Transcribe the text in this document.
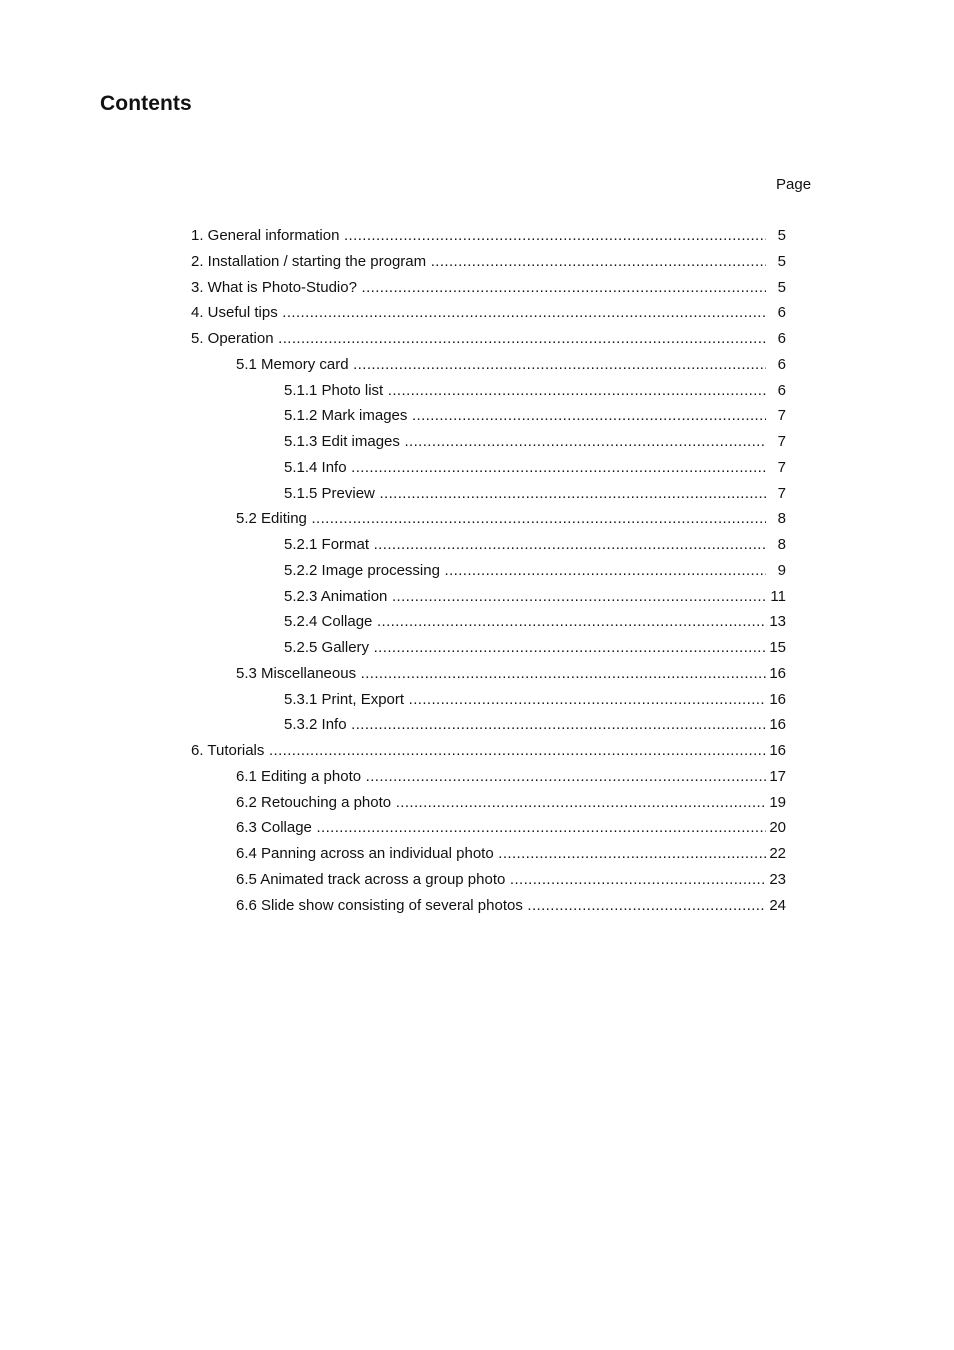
Contents
Page
1. General information .....	5
2. Installation / starting the program .....	5
3. What is Photo-Studio? .....	5
4. Useful tips .....	6
5. Operation .....	6
5.1 Memory card .....	6
5.1.1 Photo list .....	6
5.1.2 Mark images .....	7
5.1.3 Edit images .....	7
5.1.4 Info .....	7
5.1.5 Preview .....	7
5.2 Editing .....	8
5.2.1 Format .....	8
5.2.2 Image processing .....	9
5.2.3 Animation .....	11
5.2.4 Collage .....	13
5.2.5 Gallery .....	15
5.3 Miscellaneous .....	16
5.3.1 Print, Export .....	16
5.3.2 Info .....	16
6. Tutorials .....	16
6.1 Editing a photo .....	17
6.2 Retouching a photo .....	19
6.3 Collage .....	20
6.4 Panning across an individual photo .....	22
6.5 Animated track across a group photo .....	23
6.6 Slide show consisting of several photos .....	24
